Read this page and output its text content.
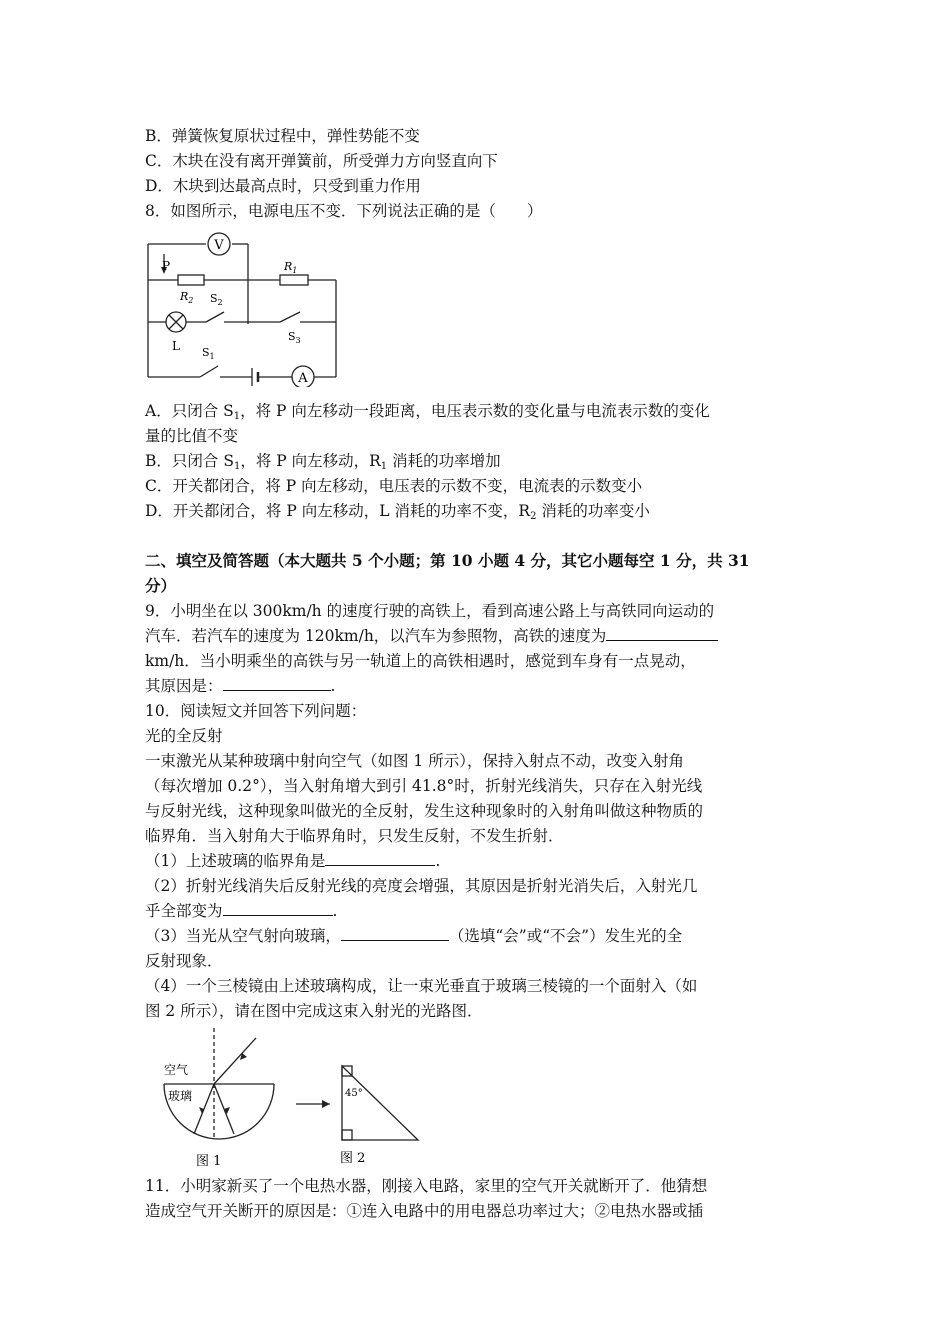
B．弹簧恢复原状过程中，弹性势能不变
C．木块在没有离开弹簧前，所受弹力方向竖直向下
D．木块到达最高点时，只受到重力作用
8．如图所示，电源电压不变．下列说法正确的是（　　）
V
A
P	$R_1$
$R_2$ $S_2$
$S_3$
$S_1$
L
A．只闭合 $S_1$，将 P 向左移动一段距离，电压表示数的变化量与电流表示数的变化
量的比值不变
B．只闭合 $S_1$，将 P 向左移动，$R_1$ 消耗的功率增加
C．开关都闭合，将 P 向左移动，电压表的示数不变，电流表的示数变小
D．开关都闭合，将 P 向左移动，L 消耗的功率不变，$R_2$ 消耗的功率变小
二、填空及简答题（本大题共 5 个小题；第 10 小题 4 分，其它小题每空 1 分，共 31
分）
9．小明坐在以 300km/h 的速度行驶的高铁上，看到高速公路上与高铁同向运动的
汽车．若汽车的速度为 120km/h，以汽车为参照物，高铁的速度为
km/h．当小明乘坐的高铁与另一轨道上的高铁相遇时，感觉到车身有一点晃动，
其原因是：	.
10．阅读短文并回答下列问题：
光的全反射
一束激光从某种玻璃中射向空气（如图 1 所示），保持入射点不动，改变入射角
（每次增加 0.2°），当入射角增大到引 41.8°时，折射光线消失，只存在入射光线
与反射光线，这种现象叫做光的全反射，发生这种现象时的入射角叫做这种物质的
临界角．当入射角大于临界角时，只发生反射，不发生折射．
（1）上述玻璃的临界角是	.
（2）折射光线消失后反射光线的亮度会增强，其原因是折射光消失后，入射光几
乎全部变为	.
（3）当光从空气射向玻璃，	（选填“会”或“不会”）发生光的全
反射现象．
（4）一个三棱镜由上述玻璃构成，让一束光垂直于玻璃三棱镜的一个面射入（如
图 2 所示），请在图中完成这束入射光的光路图．
空气
玻璃	45°
图 1	图 2
11．小明家新买了一个电热水器，刚接入电路，家里的空气开关就断开了．他猜想
造成空气开关断开的原因是：①连入电路中的用电器总功率过大；②电热水器或插
